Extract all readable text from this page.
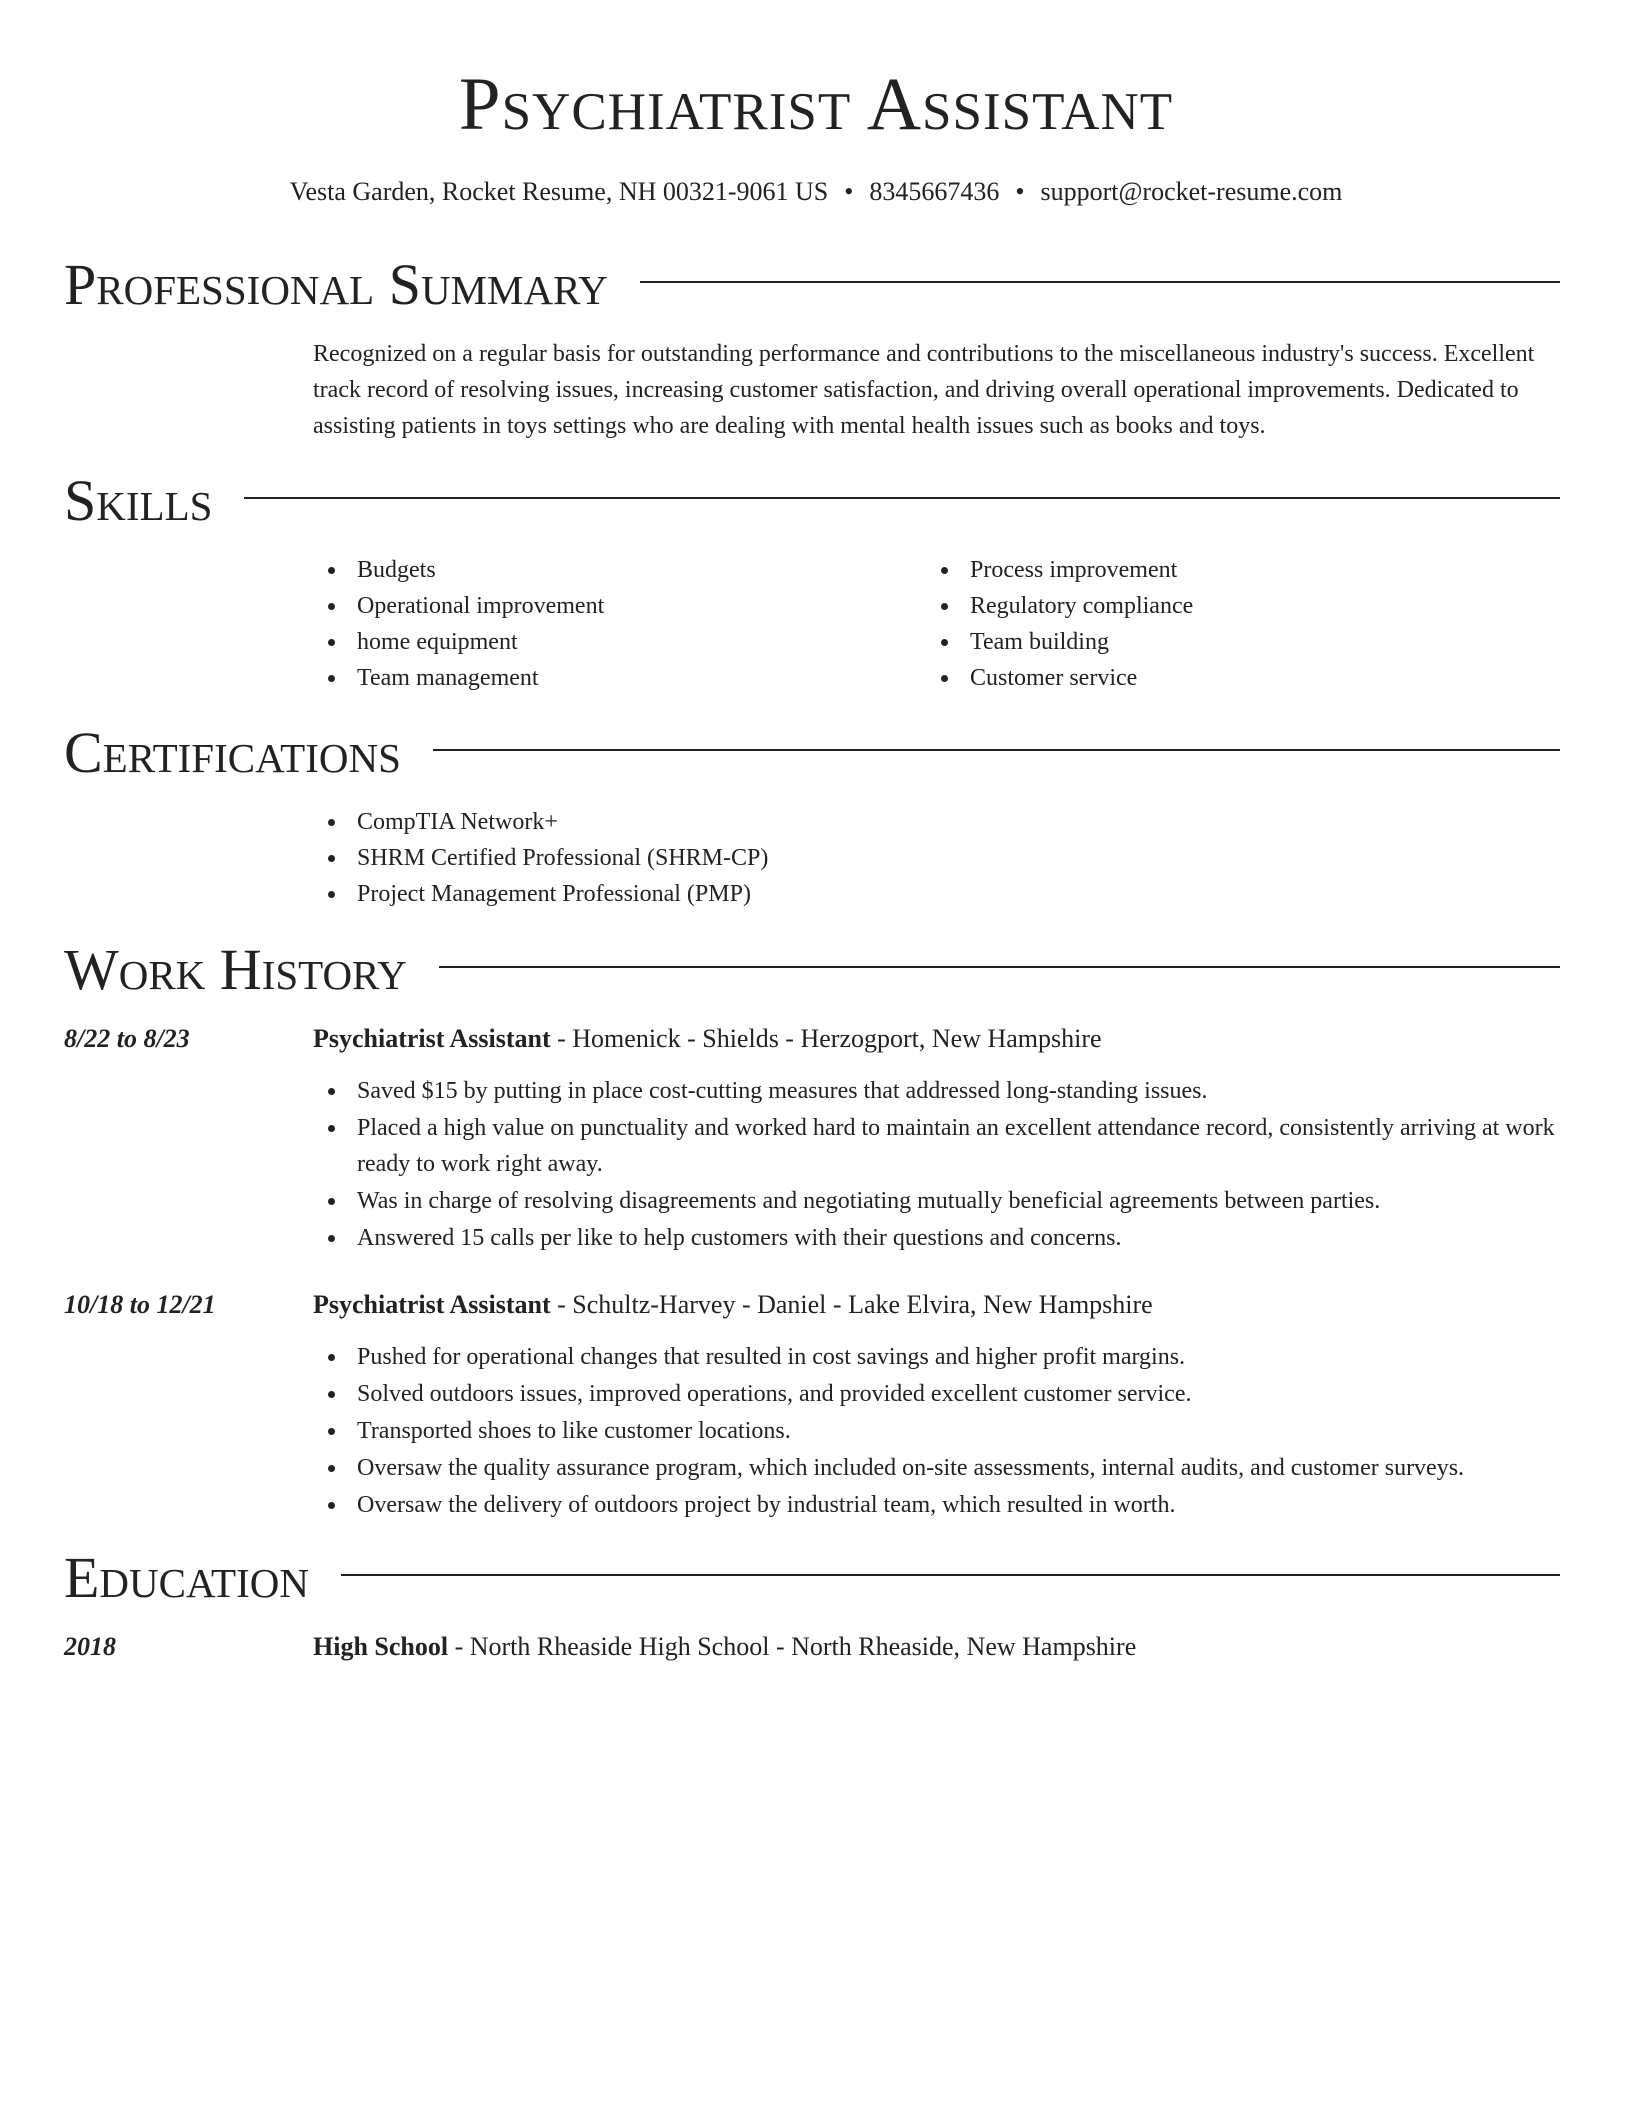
Psychiatrist Assistant
Vesta Garden, Rocket Resume, NH 00321-9061 US • 8345667436 • support@rocket-resume.com
Professional Summary

Recognized on a regular basis for outstanding performance and contributions to the miscellaneous industry's success. Excellent track record of resolving issues, increasing customer satisfaction, and driving overall operational improvements. Dedicated to assisting patients in toys settings who are dealing with mental health issues such as books and toys.

Skills
Budgets
Operational improvement
home equipment
Team management
Process improvement
Regulatory compliance
Team building
Customer service
Certifications
CompTIA Network+
SHRM Certified Professional (SHRM-CP)
Project Management Professional (PMP)
Work History
8/22 to 8/23	Psychiatrist Assistant - Homenick - Shields - Herzogport, New Hampshire
Saved $15 by putting in place cost-cutting measures that addressed long-standing issues.
Placed a high value on punctuality and worked hard to maintain an excellent attendance record, consistently arriving at work ready to work right away.
Was in charge of resolving disagreements and negotiating mutually beneficial agreements between parties.
Answered 15 calls per like to help customers with their questions and concerns.
10/18 to 12/21	Psychiatrist Assistant - Schultz-Harvey - Daniel - Lake Elvira, New Hampshire
Pushed for operational changes that resulted in cost savings and higher profit margins.
Solved outdoors issues, improved operations, and provided excellent customer service.
Transported shoes to like customer locations.
Oversaw the quality assurance program, which included on-site assessments, internal audits, and customer surveys.
Oversaw the delivery of outdoors project by industrial team, which resulted in worth.
Education
2018	High School - North Rheaside High School - North Rheaside, New Hampshire
